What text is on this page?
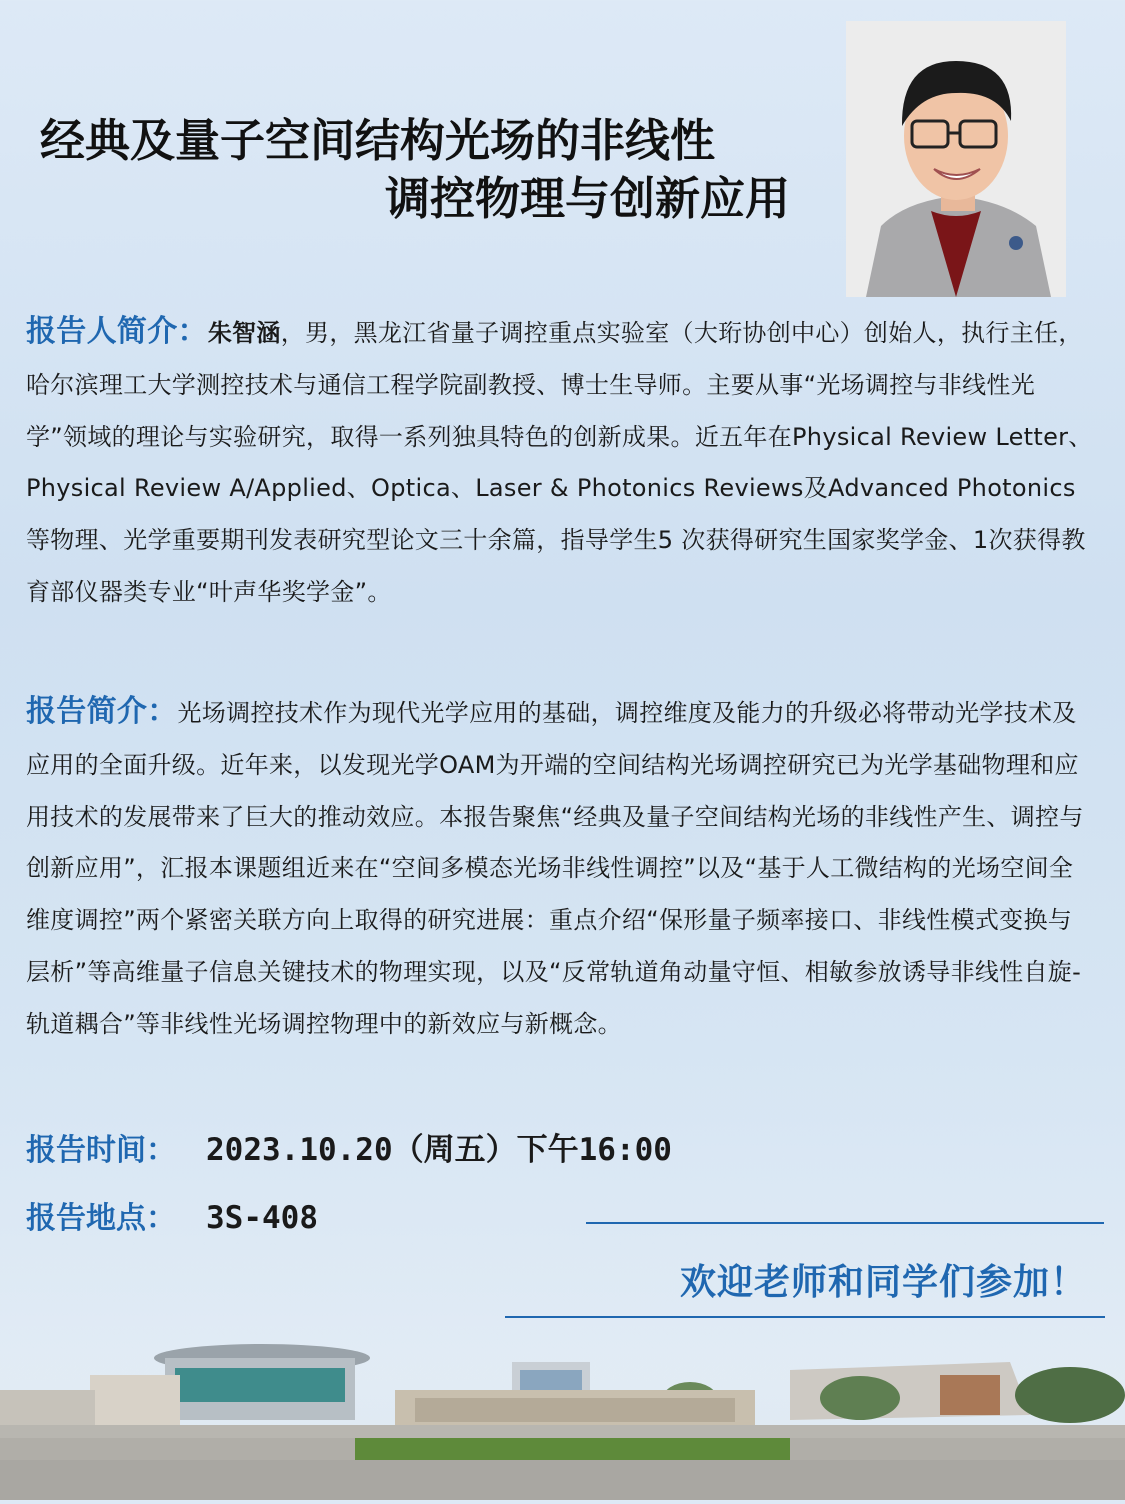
经典及量子空间结构光场的非线性
调控物理与创新应用
报告人简介：朱智涵，男，黑龙江省量子调控重点实验室（大珩协创中心）创始人，执行主任，哈尔滨理工大学测控技术与通信工程学院副教授、博士生导师。主要从事“光场调控与非线性光学”领域的理论与实验研究，取得一系列独具特色的创新成果。近五年在Physical Review Letter、Physical Review A/Applied、Optica、Laser & Photonics Reviews及Advanced Photonics等物理、光学重要期刊发表研究型论文三十余篇，指导学生5 次获得研究生国家奖学金、1次获得教育部仪器类专业“叶声华奖学金”。
报告简介：光场调控技术作为现代光学应用的基础，调控维度及能力的升级必将带动光学技术及应用的全面升级。近年来，以发现光学OAM为开端的空间结构光场调控研究已为光学基础物理和应用技术的发展带来了巨大的推动效应。本报告聚焦“经典及量子空间结构光场的非线性产生、调控与创新应用”，汇报本课题组近来在“空间多模态光场非线性调控”以及“基于人工微结构的光场空间全维度调控”两个紧密关联方向上取得的研究进展：重点介绍“保形量子频率接口、非线性模式变换与层析”等高维量子信息关键技术的物理实现，以及“反常轨道角动量守恒、相敏参放诱导非线性自旋-轨道耦合”等非线性光场调控物理中的新效应与新概念。
报告时间： 2023.10.20（周五）下午16:00
报告地点： 3S-408
欢迎老师和同学们参加！
